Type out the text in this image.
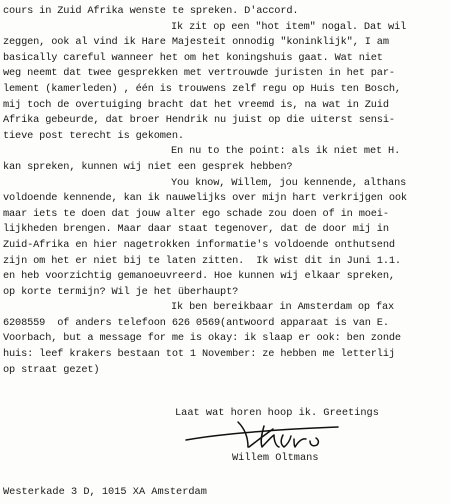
cours in Zuid Afrika wenste te spreken. D'accord.
Ik zit op een "hot item" nogal. Dat wil
zeggen, ook al vind ik Hare Majesteit onnodig "koninklijk", I am
basically careful wanneer het om het koningshuis gaat. Wat niet
weg neemt dat twee gesprekken met vertrouwde juristen in het par-
lement (kamerleden) , één is trouwens zelf regu op Huis ten Bosch,
mij toch de overtuiging bracht dat het vreemd is, na wat in Zuid
Afrika gebeurde, dat broer Hendrik nu juist op die uiterst sensi-
tieve post terecht is gekomen.
En nu to the point: als ik niet met H.
kan spreken, kunnen wij niet een gesprek hebben?
You know, Willem, jou kennende, althans
voldoende kennende, kan ik nauwelijks over mijn hart verkrijgen ook
maar iets te doen dat jouw alter ego schade zou doen of in moei-
lijkheden brengen. Maar daar staat tegenover, dat de door mij in
Zuid-Afrika en hier nagetrokken informatie's voldoende onthutsend
zijn om het er niet bij te laten zitten.  Ik wist dit in Juni 1.1.
en heb voorzichtig gemanoeuvreerd. Hoe kunnen wij elkaar spreken,
op korte termijn? Wil je het überhaupt?
Ik ben bereikbaar in Amsterdam op fax
6208559  of anders telefoon 626 0569(antwoord apparaat is van E.
Voorbach, but a message for me is okay: ik slaap er ook: ben zonde
huis: leef krakers bestaan tot 1 November: ze hebben me letterlij
op straat gezet)
Laat wat horen hoop ik. Greetings
Willem Oltmans
Westerkade 3 D, 1015 XA Amsterdam
